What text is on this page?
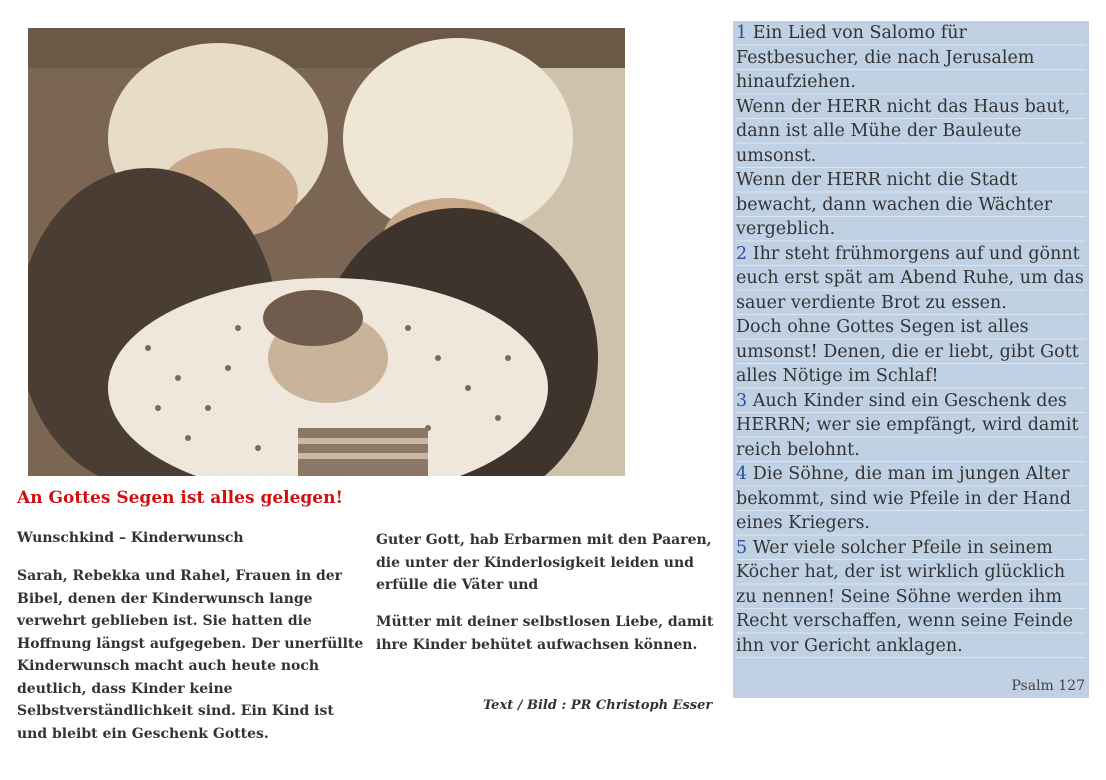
An Gottes Segen ist alles gelegen!
Wunschkind – Kinderwunsch

Sarah, Rebekka und Rahel, Frauen in der Bibel, denen der Kinderwunsch lange verwehrt geblieben ist. Sie hatten die Hoffnung längst aufgegeben. Der unerfüllte Kinderwunsch macht auch heute noch deutlich, dass Kinder keine Selbstverständlichkeit sind. Ein Kind ist und bleibt ein Geschenk Gottes.

Guter Gott, hab Erbarmen mit den Paaren, die unter der Kinderlosigkeit leiden und erfülle die Väter und

Mütter mit deiner selbstlosen Liebe, damit ihre Kinder behütet aufwachsen können.

Text / Bild : PR Christoph Esser

1 Ein Lied von Salomo für Festbesucher, die nach Jerusalem hinaufziehen.

Wenn der HERR nicht das Haus baut, dann ist alle Mühe der Bauleute umsonst.

Wenn der HERR nicht die Stadt bewacht, dann wachen die Wächter vergeblich.

2 Ihr steht frühmorgens auf und gönnt euch erst spät am Abend Ruhe, um das sauer verdiente Brot zu essen.

Doch ohne Gottes Segen ist alles umsonst! Denen, die er liebt, gibt Gott alles Nötige im Schlaf!

3 Auch Kinder sind ein Geschenk des HERRN; wer sie empfängt, wird damit reich belohnt.

4 Die Söhne, die man im jungen Alter bekommt, sind wie Pfeile in der Hand eines Kriegers.

5 Wer viele solcher Pfeile in seinem Köcher hat, der ist wirklich glücklich zu nennen! Seine Söhne werden ihm Recht verschaffen, wenn seine Feinde ihn vor Gericht anklagen.

Psalm 127
